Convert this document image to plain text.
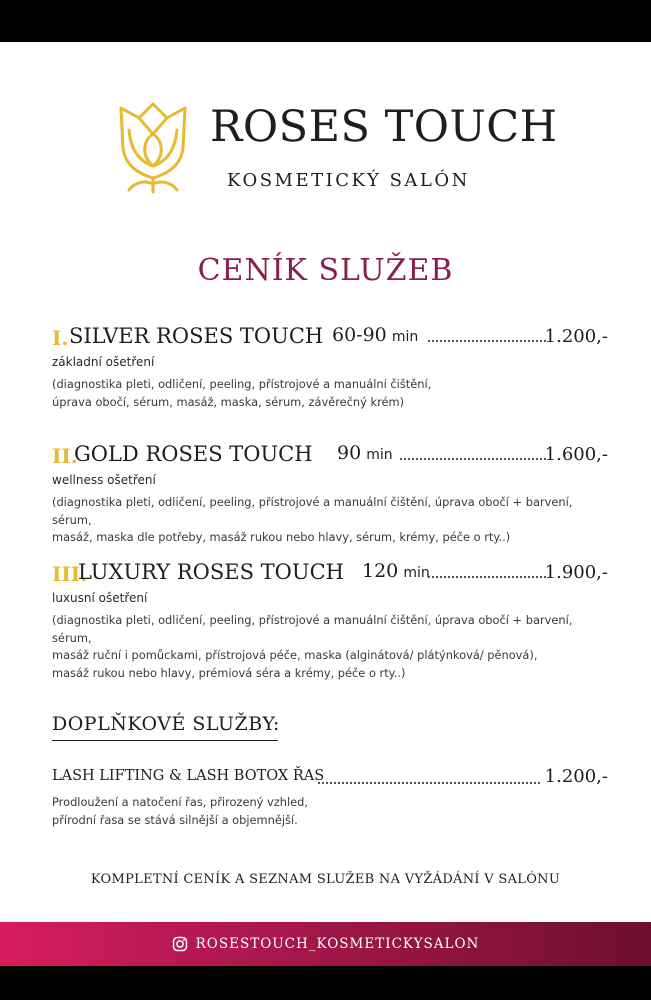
ROSES TOUCH
KOSMETICKÝ SALÓN
CENÍK SLUŽEB
I. SILVER ROSES TOUCH 60-90 min	1.200,-
základní ošetření
(diagnostika pleti, odličení, peeling, přístrojové a manuální čištění,
úprava obočí, sérum, masáž, maska, sérum, závěrečný krém)
II.
GOLD ROSES TOUCH 90 min	1.600,-
wellness ošetření
(diagnostika pleti, odličení, peeling, přístrojové a manuální čištění, úprava obočí + barvení, sérum,
masáž, maska dle potřeby, masáž rukou nebo hlavy, sérum, krémy, péče o rty..)
III.
LUXURY ROSES TOUCH 120 min	1.900,-
luxusní ošetření
(diagnostika pleti, odličení, peeling, přístrojové a manuální čištění, úprava obočí + barvení, sérum,
masáž ruční i pomůckami, přístrojová péče, maska (alginátová/ plátýnková/ pěnová),
masáž rukou nebo hlavy, prémiová séra a krémy, péče o rty..)
DOPLŇKOVÉ SLUŽBY:
LASH LIFTING & LASH BOTOX ŘAS	1.200,-
Prodloužení a natočení řas, přirozený vzhled,
přírodní řasa se stává silnější a objemnější.
KOMPLETNÍ CENÍK A SEZNAM SLUŽEB NA VYŽÁDÁNÍ V SALÓNU
ROSESTOUCH_KOSMETICKYSALON
